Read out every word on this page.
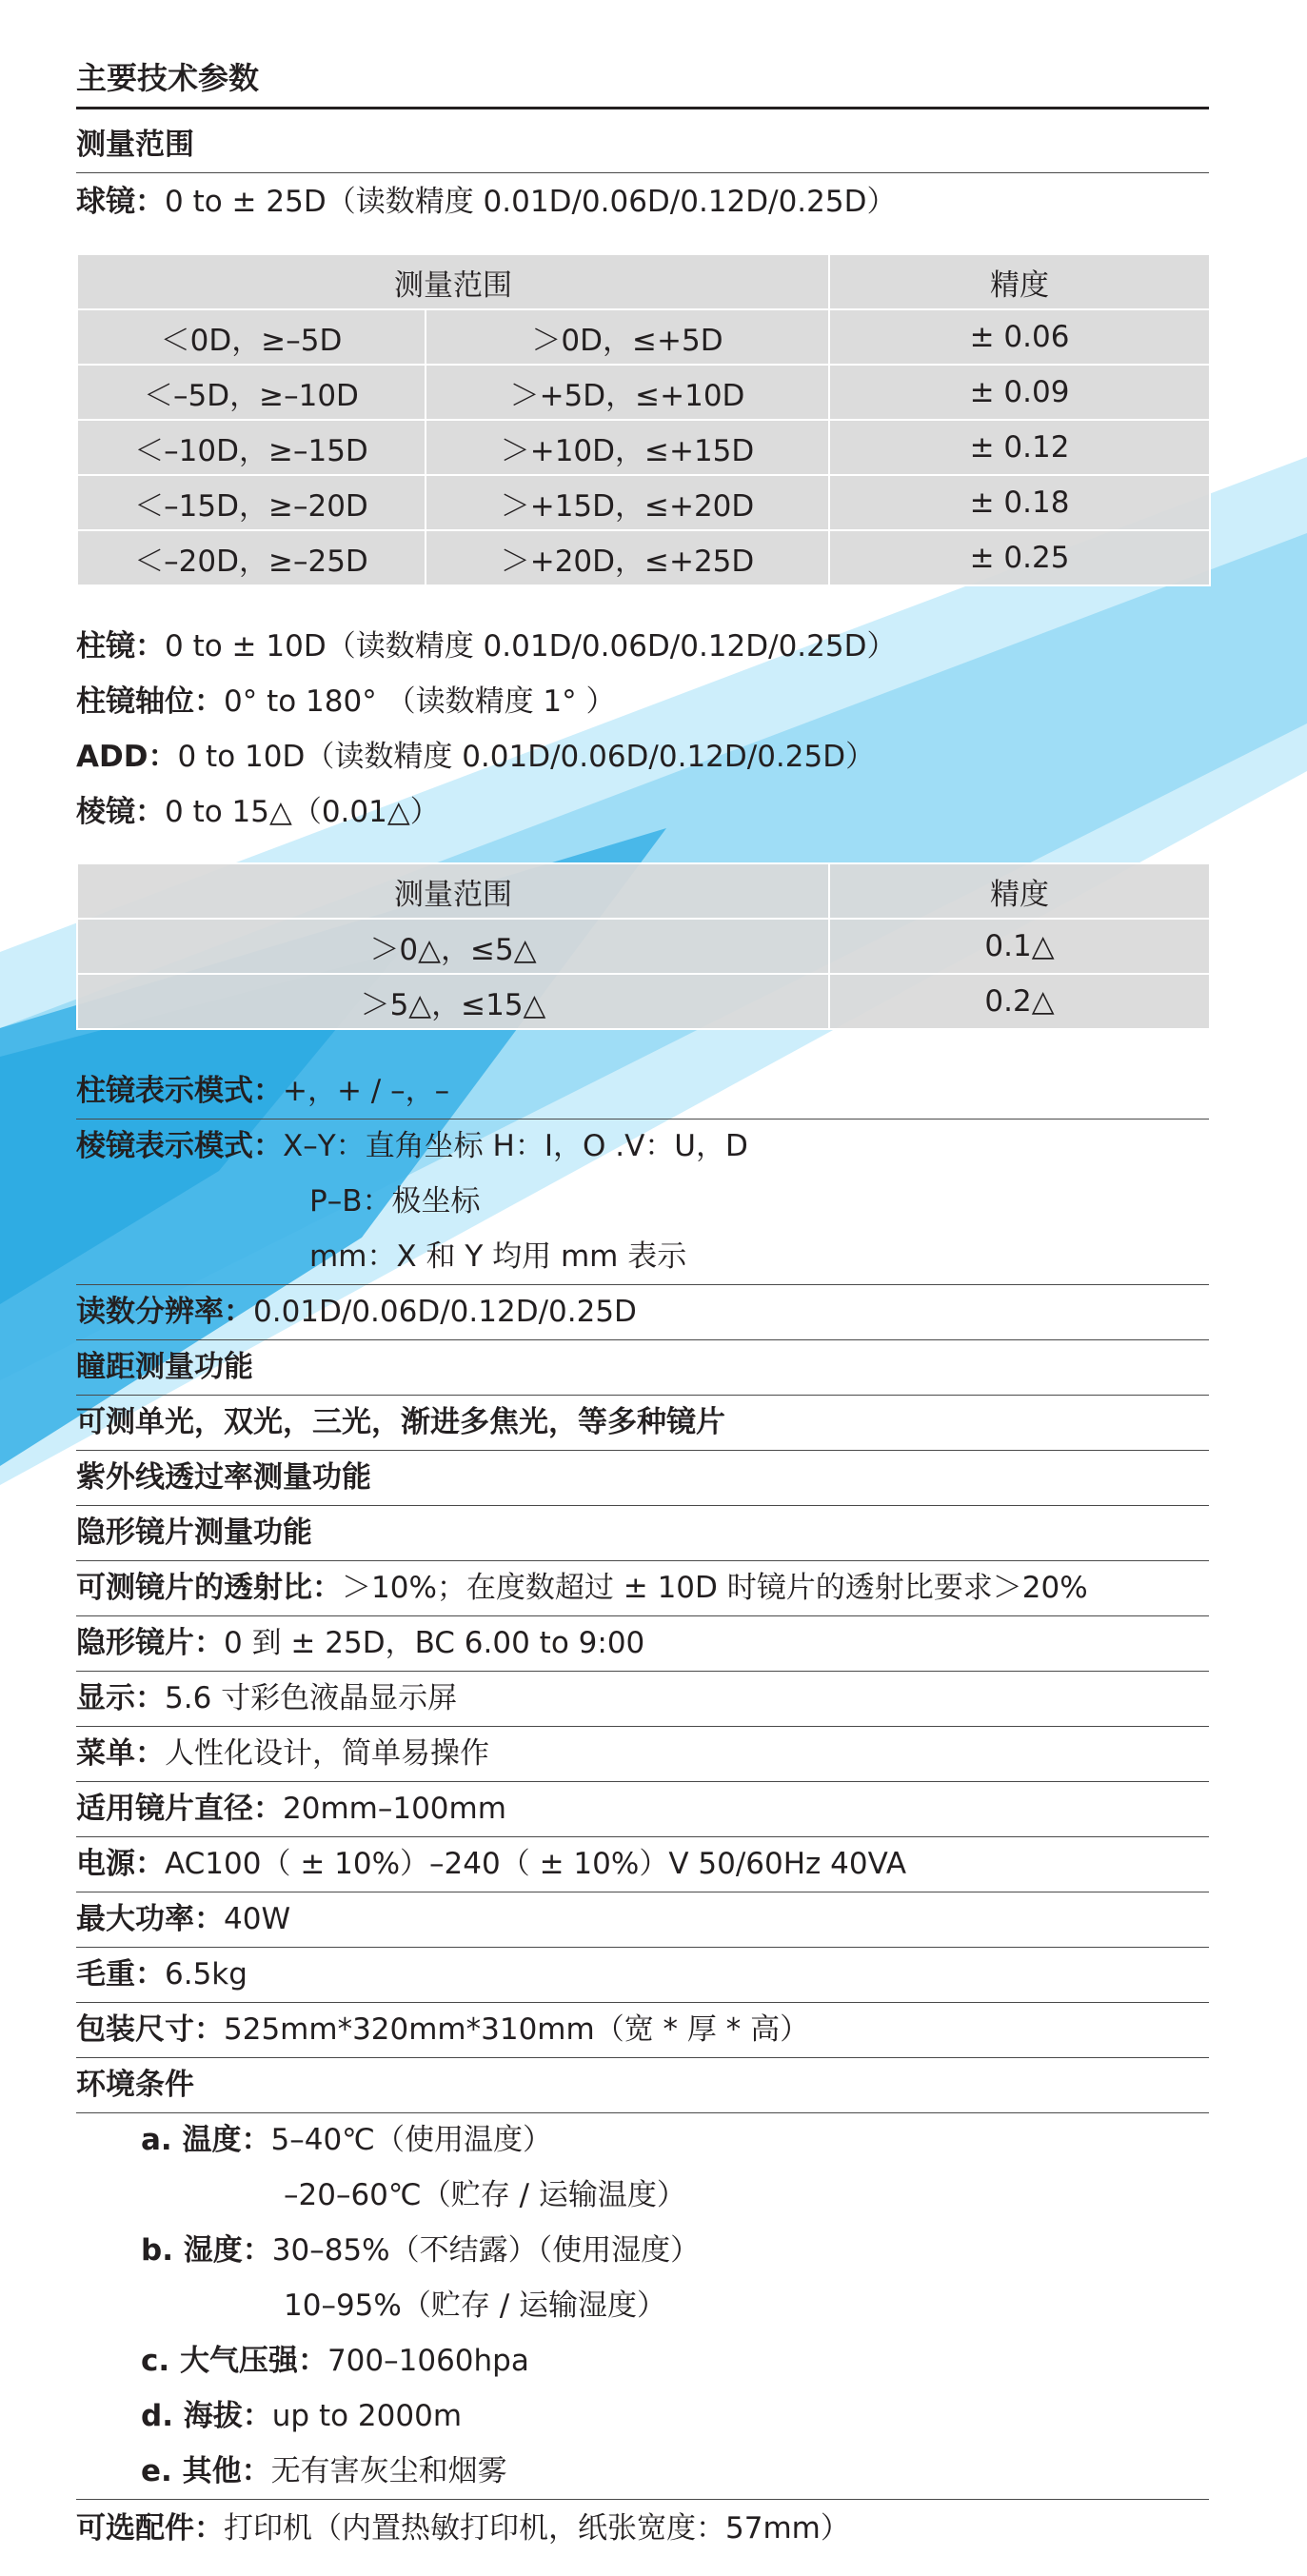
主要技术参数
测量范围
球镜：0 to ± 25D（读数精度 0.01D/0.06D/0.12D/0.25D）
测量范围		精度
＜0D，≥–5D	＞0D，≤+5D	± 0.06
＜–5D，≥–10D	＞+5D，≤+10D	± 0.09
＜–10D，≥–15D	＞+10D，≤+15D	± 0.12
＜–15D，≥–20D	＞+15D，≤+20D	± 0.18
＜–20D，≥–25D	＞+20D，≤+25D	± 0.25
柱镜：0 to ± 10D（读数精度 0.01D/0.06D/0.12D/0.25D）
柱镜轴位：0° to 180° （读数精度 1° ）
ADD：0 to 10D（读数精度 0.01D/0.06D/0.12D/0.25D）
棱镜：0 to 15△（0.01△）
测量范围	精度
＞0△，≤5△	0.1△
＞5△，≤15△	0.2△
柱镜表示模式：+，+ / –，–
棱镜表示模式：X–Y：直角坐标 H：I，O .V：U，D
P–B：极坐标
mm：X 和 Y 均用 mm 表示
读数分辨率：0.01D/0.06D/0.12D/0.25D
瞳距测量功能
可测单光，双光，三光，渐进多焦光，等多种镜片
紫外线透过率测量功能
隐形镜片测量功能
可测镜片的透射比：＞10%；在度数超过 ± 10D 时镜片的透射比要求＞20%
隐形镜片：0 到 ± 25D，BC 6.00 to 9:00
显示：5.6 寸彩色液晶显示屏
菜单：人性化设计，简单易操作
适用镜片直径：20mm–100mm
电源：AC100（ ± 10%）–240（ ± 10%）V 50/60Hz 40VA
最大功率：40W
毛重：6.5kg
包装尺寸：525mm*320mm*310mm（宽 * 厚 * 高）
环境条件
a. 温度：5–40℃（使用温度）
–20–60℃（贮存 / 运输温度）
b. 湿度：30–85%（不结露）（使用湿度）
10–95%（贮存 / 运输湿度）
c. 大气压强：700–1060hpa
d. 海拔：up to 2000m
e. 其他：无有害灰尘和烟雾
可选配件：打印机（内置热敏打印机，纸张宽度：57mm）
